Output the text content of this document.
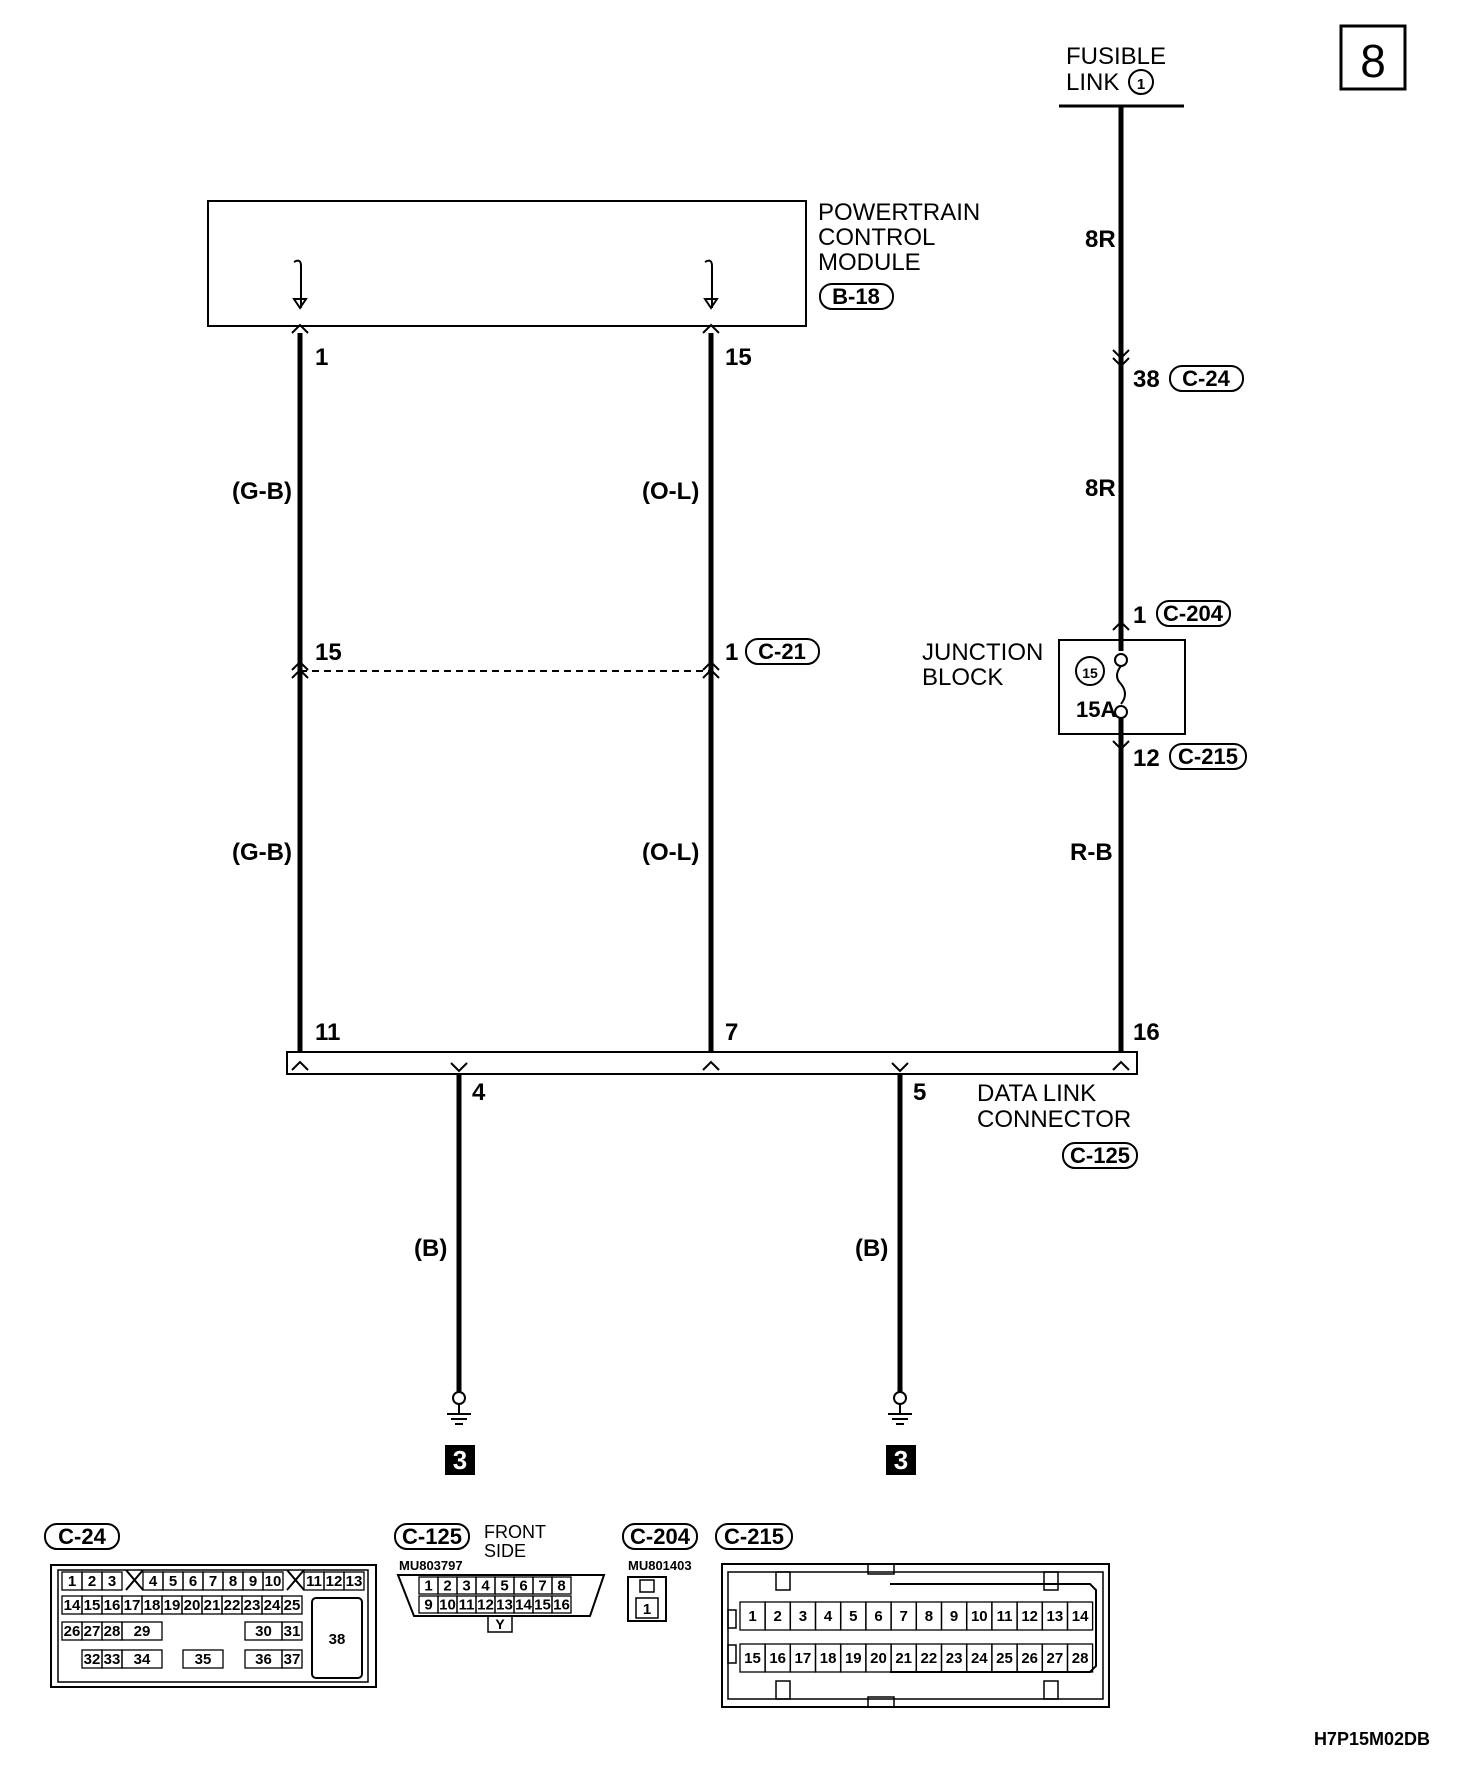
8
FUSIBLE
LINK 1
POWERTRAIN
CONTROL
MODULE
B-18
1	15
(G-B)
(G-B)
(O-L)
(O-L)
15	1 C-21
8R
8R
R-B
38 C-24
1 C-204
JUNCTION
BLOCK	15
15A
12 C-215
11	7	16
4	5 DATA LINK
CONNECTOR
C-125
(B)	(B)
3	3
C-24
38
1 2 3 4 5 6 7 8 9 10 11 12 13
14 15 16 17 18 19 20 21 22 23 24 25
26 27 28 29	30 31
32 33 34	35	36 37
C-125 FRONT
SIDE
MU803797
Y
1 2 3 4 5 6 7 8
9 10 11 12 13 14 15 16
C-204
MU801403
1
C-215
1 2 3 4 5 6 7 8 9 10 11 12 13 14
15 16 17 18 19 20 21 22 23 24 25 26 27 28
H7P15M02DB
